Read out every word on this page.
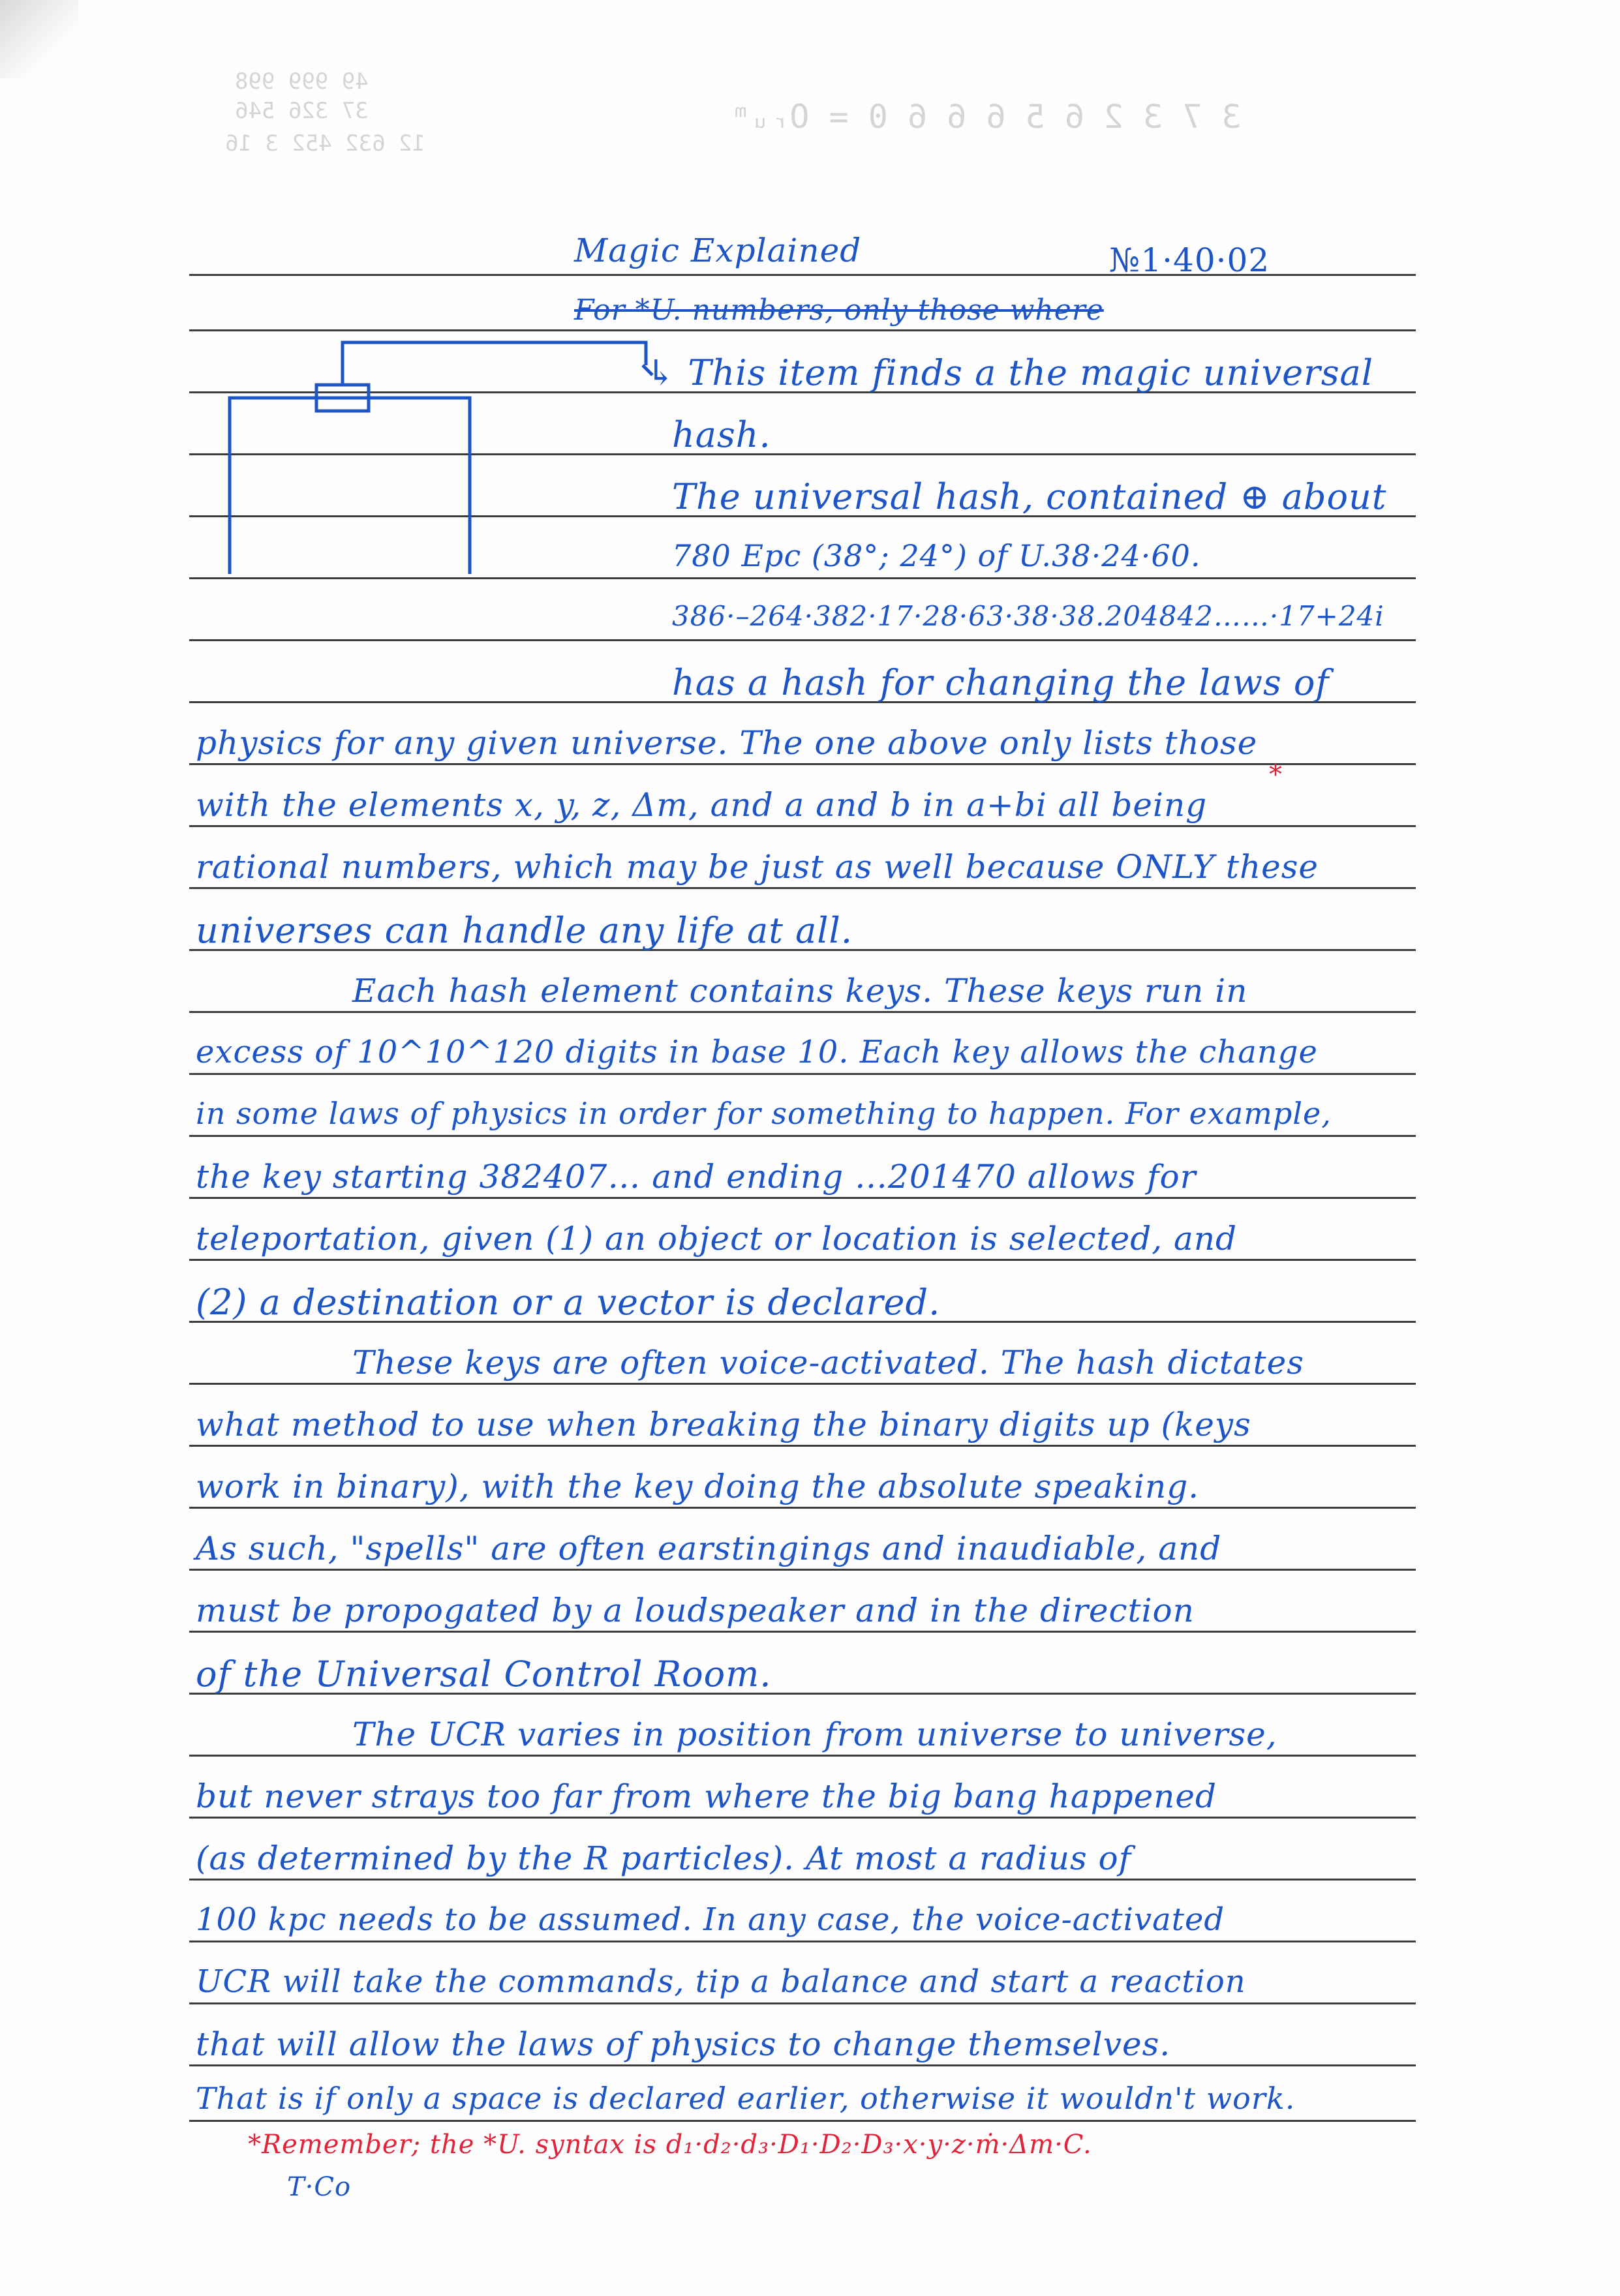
3 7 3 2 6 5 6 6 6 0 = Oᵣᵤᵐ
49 999 998
37 326 546
12 632 452 3 16
Magic Explained	№1·40·02
For *U. numbers, only those where
↳ This item finds a the magic universal
hash.
The universal hash, contained ⊕ about
780 Epc (38°; 24°) of U.38·24·60.
386·–264·382·17·28·63·38·38.204842……·17+24i
has a hash for changing the laws of
physics for any given universe. The one above only lists those
with the elements x, y, z, Δm, and a and b in a+bi all being
*
rational numbers, which may be just as well because ONLY these
universes can handle any life at all.
Each hash element contains keys. These keys run in
excess of 10^10^120 digits in base 10. Each key allows the change
in some laws of physics in order for something to happen. For example,
the key starting 382407… and ending …201470 allows for
teleportation, given (1) an object or location is selected, and
(2) a destination or a vector is declared.
These keys are often voice-activated. The hash dictates
what method to use when breaking the binary digits up (keys
work in binary), with the key doing the absolute speaking.
As such, "spells" are often earstingings and inaudiable, and
must be propogated by a loudspeaker and in the direction
of the Universal Control Room.
The UCR varies in position from universe to universe,
but never strays too far from where the big bang happened
(as determined by the R particles). At most a radius of
100 kpc needs to be assumed. In any case, the voice-activated
UCR will take the commands, tip a balance and start a reaction
that will allow the laws of physics to change themselves.
That is if only a space is declared earlier, otherwise it wouldn't work.
*Remember; the *U. syntax is d₁·d₂·d₃·D₁·D₂·D₃·x·y·z·ṁ·Δm·C.
T·Co
